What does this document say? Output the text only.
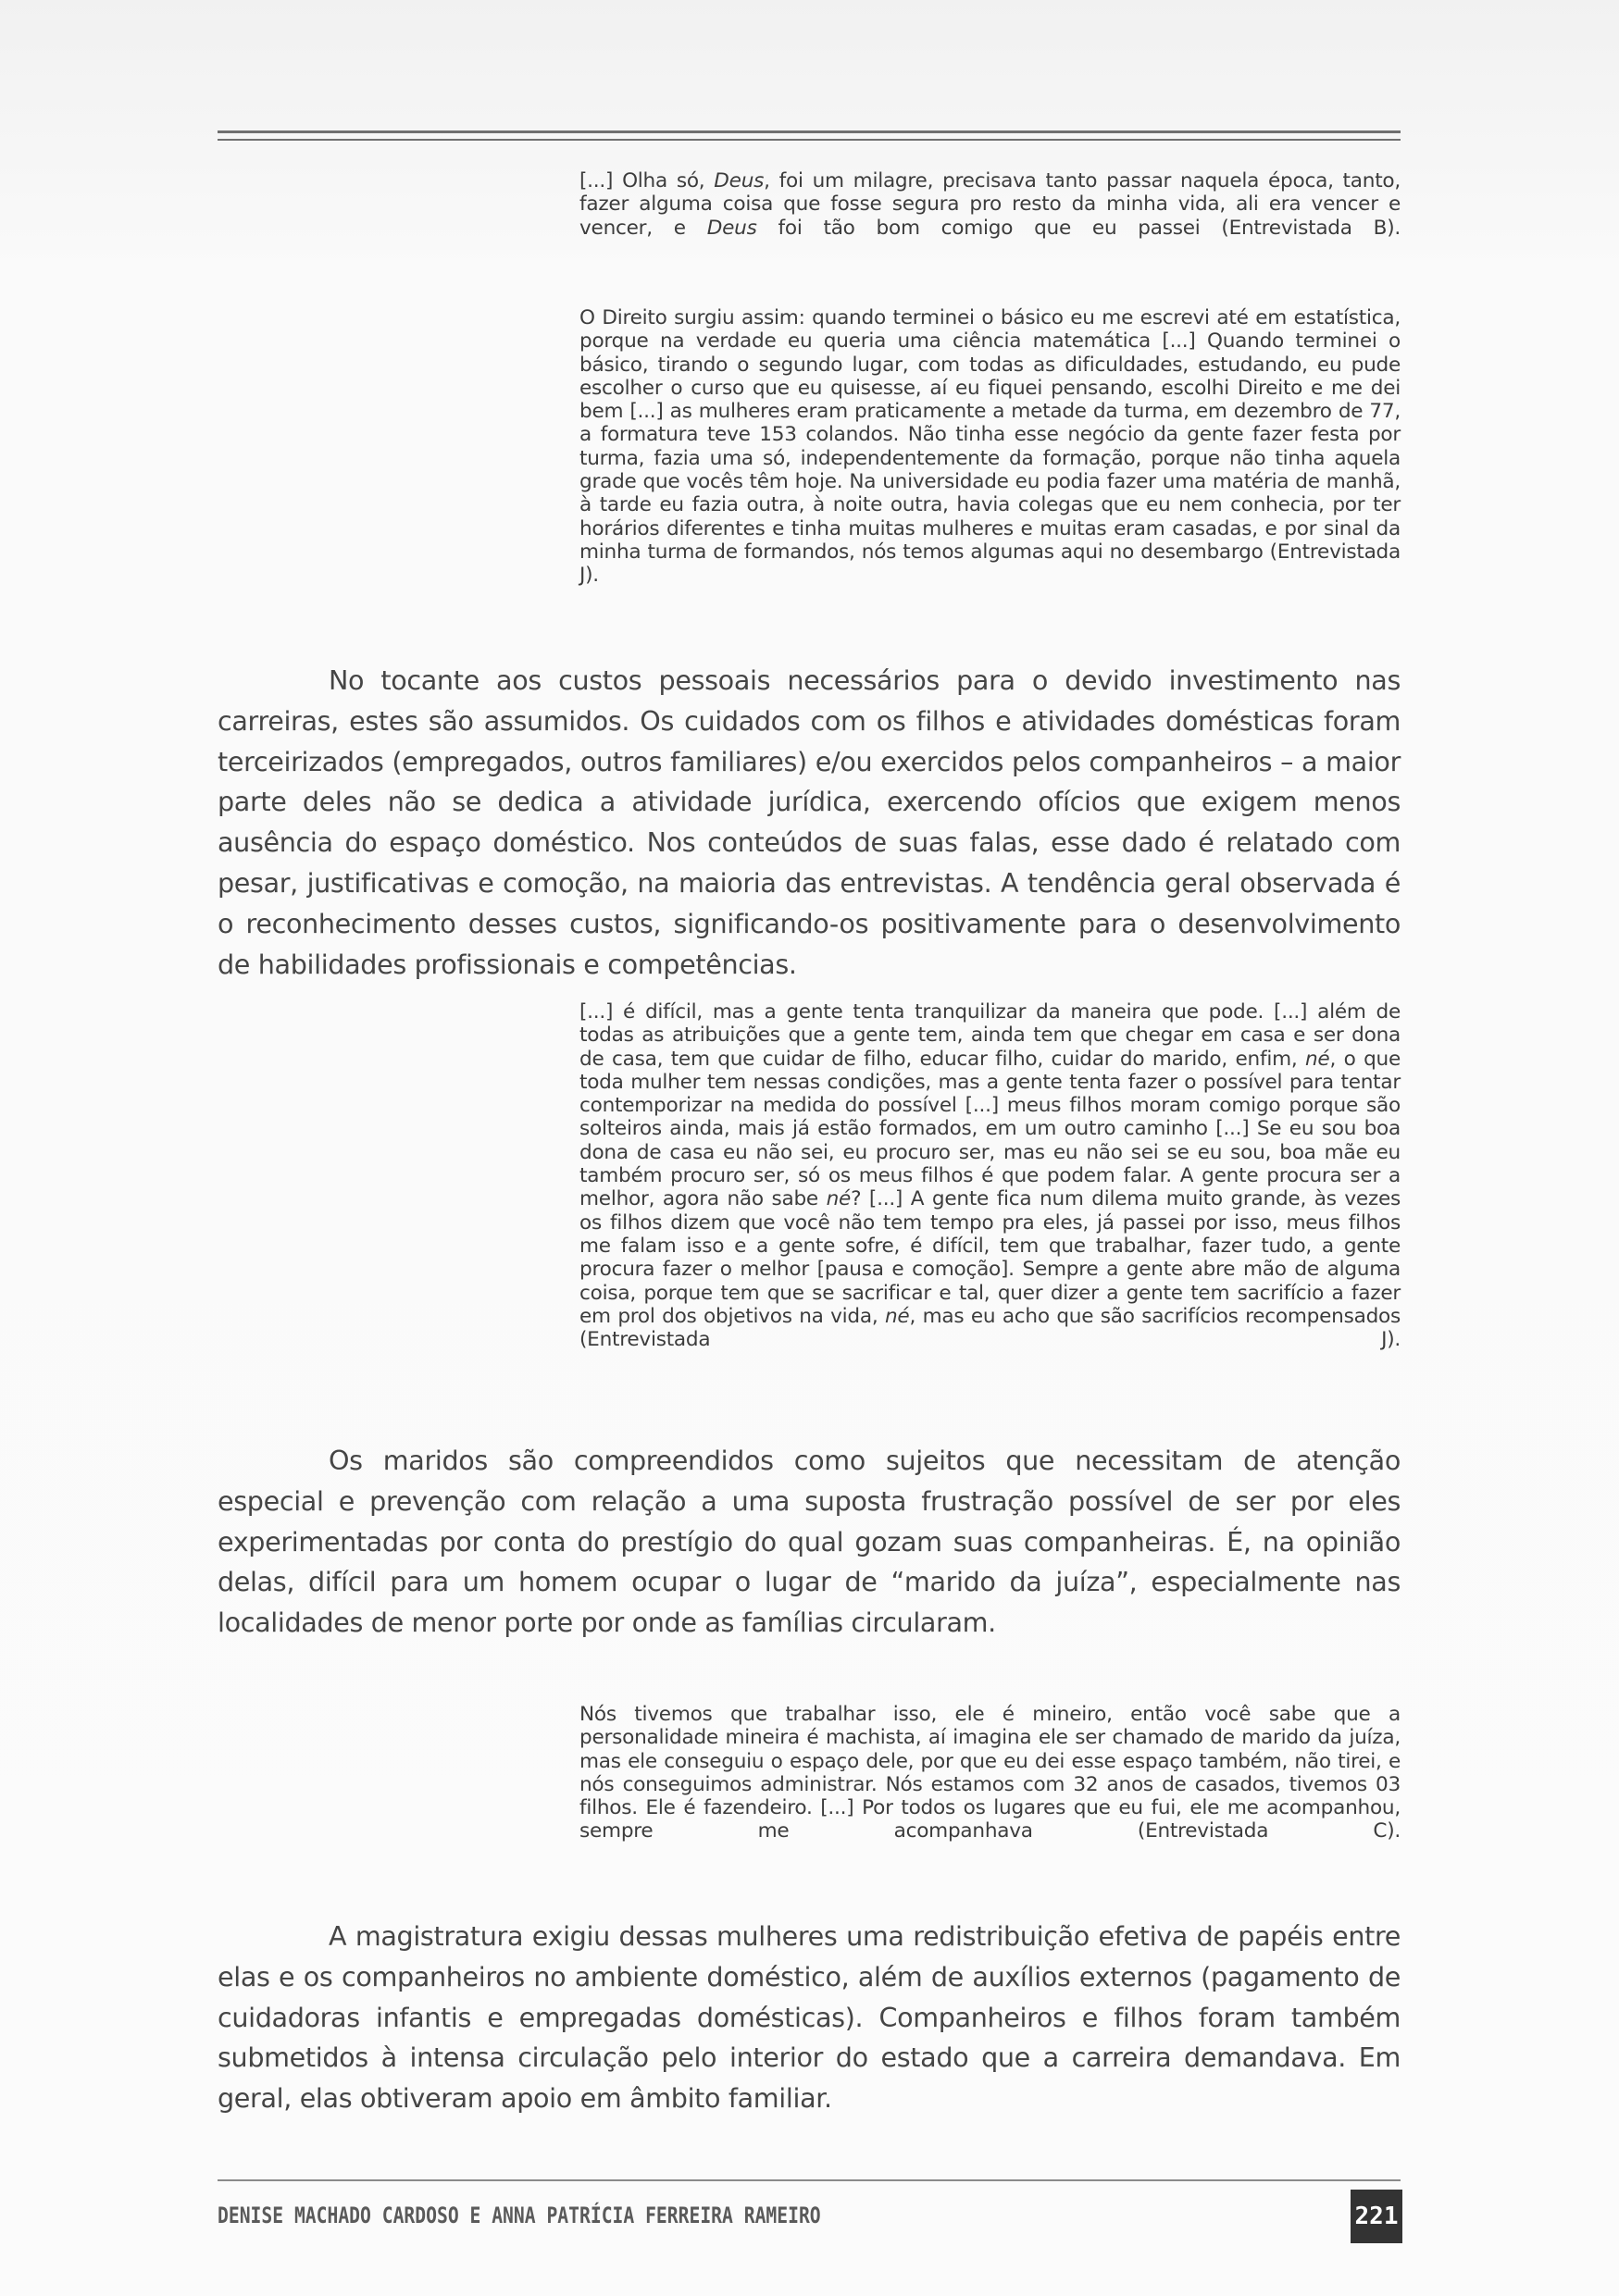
[...] Olha só, Deus, foi um milagre, precisava tanto passar naquela época, tanto, fazer alguma coisa que fosse segura pro resto da minha vida, ali era vencer e vencer, e Deus foi tão bom comigo que eu passei (Entrevistada B).
O Direito surgiu assim: quando terminei o básico eu me escrevi até em estatística, porque na verdade eu queria uma ciência matemática [...] Quando terminei o básico, tirando o segundo lugar, com todas as dificuldades, estudando, eu pude escolher o curso que eu quisesse, aí eu fiquei pensando, escolhi Direito e me dei bem [...] as mulheres eram praticamente a metade da turma, em dezembro de 77, a formatura teve 153 colandos. Não tinha esse negócio da gente fazer festa por turma, fazia uma só, independentemente da formação, porque não tinha aquela grade que vocês têm hoje. Na universidade eu podia fazer uma matéria de manhã, à tarde eu fazia outra, à noite outra, havia colegas que eu nem conhecia, por ter horários diferentes e tinha muitas mulheres e muitas eram casadas, e por sinal da minha turma de formandos, nós temos algumas aqui no desembargo (Entrevistada J).

No tocante aos custos pessoais necessários para o devido investimento nas carreiras, estes são assumidos. Os cuidados com os filhos e atividades domésticas foram terceirizados (empregados, outros familiares) e/ou exercidos pelos companheiros – a maior parte deles não se dedica a atividade jurídica, exercendo ofícios que exigem menos ausência do espaço doméstico. Nos conteúdos de suas falas, esse dado é relatado com pesar, justificativas e comoção, na maioria das entrevistas. A tendência geral observada é o reconhecimento desses custos, significando-os positivamente para o desenvolvimento de habilidades profissionais e competências.

[...] é difícil, mas a gente tenta tranquilizar da maneira que pode. [...] além de todas as atribuições que a gente tem, ainda tem que chegar em casa e ser dona de casa, tem que cuidar de filho, educar filho, cuidar do marido, enfim, né, o que toda mulher tem nessas condições, mas a gente tenta fazer o possível para tentar contemporizar na medida do possível [...] meus filhos moram comigo porque são solteiros ainda, mais já estão formados, em um outro caminho [...] Se eu sou boa dona de casa eu não sei, eu procuro ser, mas eu não sei se eu sou, boa mãe eu também procuro ser, só os meus filhos é que podem falar. A gente procura ser a melhor, agora não sabe né? [...] A gente fica num dilema muito grande, às vezes os filhos dizem que você não tem tempo pra eles, já passei por isso, meus filhos me falam isso e a gente sofre, é difícil, tem que trabalhar, fazer tudo, a gente procura fazer o melhor [pausa e comoção]. Sempre a gente abre mão de alguma coisa, porque tem que se sacrificar e tal, quer dizer a gente tem sacrifício a fazer em prol dos objetivos na vida, né, mas eu acho que são sacrifícios recompensados (Entrevistada J).

Os maridos são compreendidos como sujeitos que necessitam de atenção especial e prevenção com relação a uma suposta frustração possível de ser por eles experimentadas por conta do prestígio do qual gozam suas companheiras. É, na opinião delas, difícil para um homem ocupar o lugar de “marido da juíza”, especialmente nas localidades de menor porte por onde as famílias circularam.

Nós tivemos que trabalhar isso, ele é mineiro, então você sabe que a personalidade mineira é machista, aí imagina ele ser chamado de marido da juíza, mas ele conseguiu o espaço dele, por que eu dei esse espaço também, não tirei, e nós conseguimos administrar. Nós estamos com 32 anos de casados, tivemos 03 filhos. Ele é fazendeiro. [...] Por todos os lugares que eu fui, ele me acompanhou, sempre me acompanhava (Entrevistada C).

A magistratura exigiu dessas mulheres uma redistribuição efetiva de papéis entre elas e os companheiros no ambiente doméstico, além de auxílios externos (pagamento de cuidadoras infantis e empregadas domésticas). Companheiros e filhos foram também submetidos à intensa circulação pelo interior do estado que a carreira demandava. Em geral, elas obtiveram apoio em âmbito familiar.

DENISE MACHADO CARDOSO E ANNA PATRÍCIA FERREIRA RAMEIRO	221
